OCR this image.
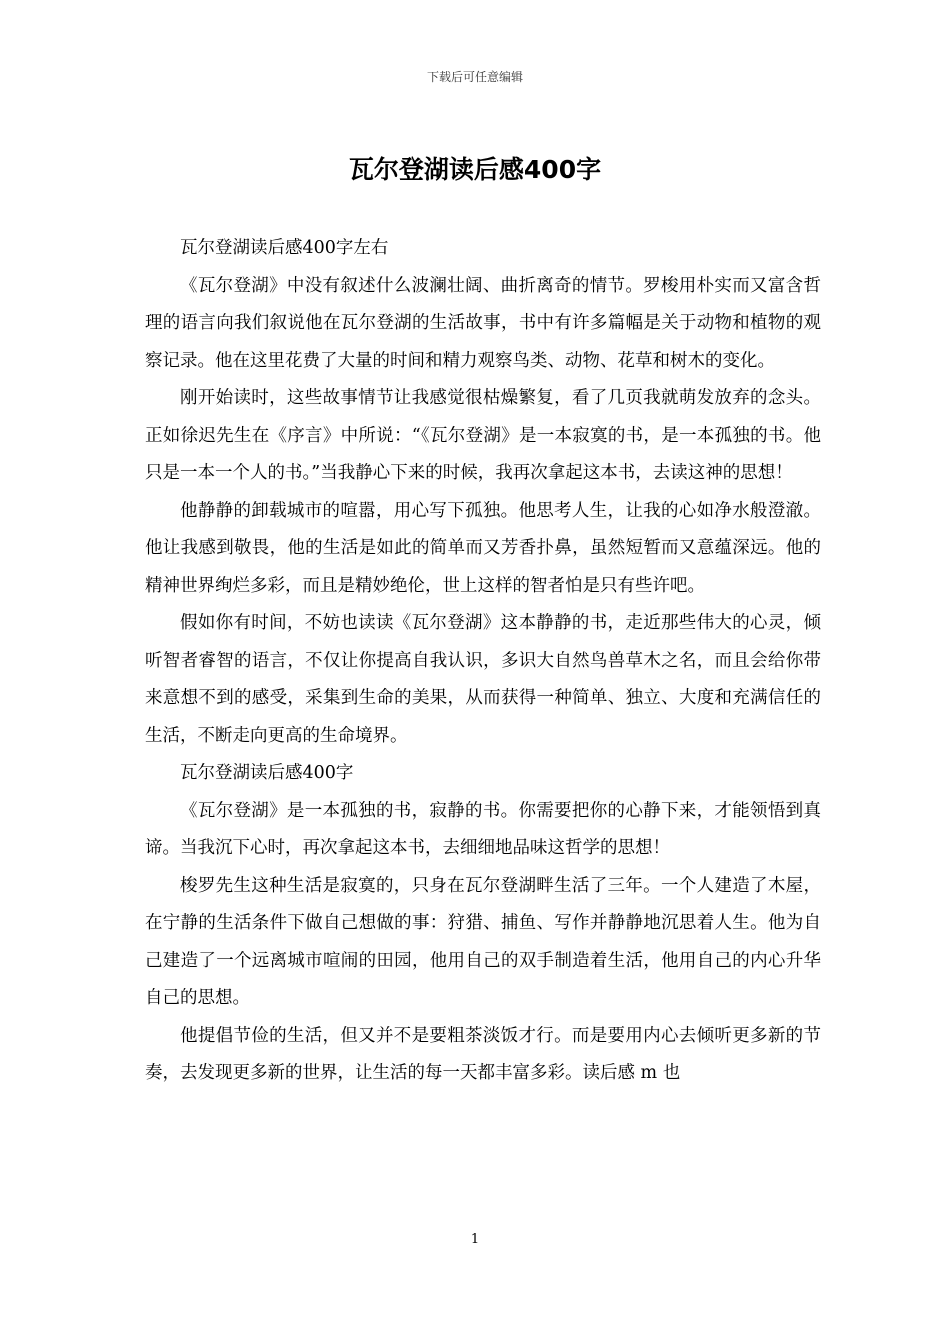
下载后可任意编辑
瓦尔登湖读后感400字

瓦尔登湖读后感400字左右

《瓦尔登湖》中没有叙述什么波澜壮阔、曲折离奇的情节。罗梭用朴实而又富含哲理的语言向我们叙说他在瓦尔登湖的生活故事，书中有许多篇幅是关于动物和植物的观察记录。他在这里花费了大量的时间和精力观察鸟类、动物、花草和树木的变化。

刚开始读时，这些故事情节让我感觉很枯燥繁复，看了几页我就萌发放弃的念头。正如徐迟先生在《序言》中所说：“《瓦尔登湖》是一本寂寞的书，是一本孤独的书。他只是一本一个人的书。”当我静心下来的时候，我再次拿起这本书，去读这神的思想！

他静静的卸载城市的喧嚣，用心写下孤独。他思考人生，让我的心如净水般澄澈。他让我感到敬畏，他的生活是如此的简单而又芳香扑鼻，虽然短暂而又意蕴深远。他的精神世界绚烂多彩，而且是精妙绝伦，世上这样的智者怕是只有些许吧。

假如你有时间，不妨也读读《瓦尔登湖》这本静静的书，走近那些伟大的心灵，倾听智者睿智的语言，不仅让你提高自我认识，多识大自然鸟兽草木之名，而且会给你带来意想不到的感受，采集到生命的美果，从而获得一种简单、独立、大度和充满信任的生活，不断走向更高的生命境界。

瓦尔登湖读后感400字

《瓦尔登湖》是一本孤独的书，寂静的书。你需要把你的心静下来，才能领悟到真谛。当我沉下心时，再次拿起这本书，去细细地品味这哲学的思想！

梭罗先生这种生活是寂寞的，只身在瓦尔登湖畔生活了三年。一个人建造了木屋，在宁静的生活条件下做自己想做的事：狩猎、捕鱼、写作并静静地沉思着人生。他为自己建造了一个远离城市喧闹的田园，他用自己的双手制造着生活，他用自己的内心升华自己的思想。

他提倡节俭的生活，但又并不是要粗茶淡饭才行。而是要用内心去倾听更多新的节奏，去发现更多新的世界，让生活的每一天都丰富多彩。读后感 m 也

1
